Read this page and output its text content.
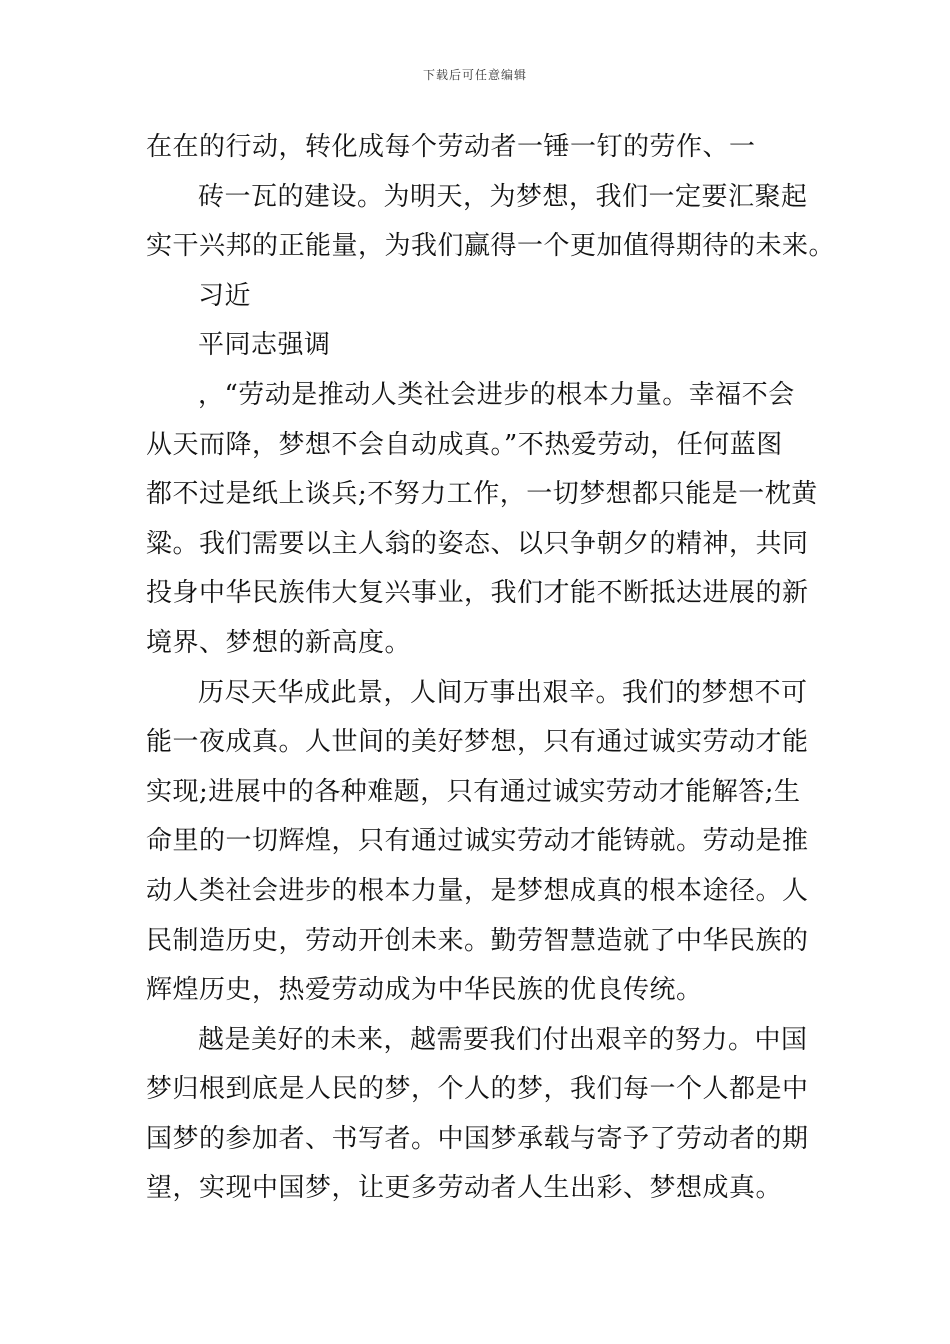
下载后可任意编辑
在在的行动，转化成每个劳动者一锤一钉的劳作、一
砖一瓦的建设。为明天，为梦想，我们一定要汇聚起
实干兴邦的正能量，为我们赢得一个更加值得期待的未来。
习近
平同志强调
，“劳动是推动人类社会进步的根本力量。幸福不会
从天而降，梦想不会自动成真。”不热爱劳动，任何蓝图
都不过是纸上谈兵;不努力工作，一切梦想都只能是一枕黄
粱。我们需要以主人翁的姿态、以只争朝夕的精神，共同
投身中华民族伟大复兴事业，我们才能不断抵达进展的新
境界、梦想的新高度。
历尽天华成此景，人间万事出艰辛。我们的梦想不可
能一夜成真。人世间的美好梦想，只有通过诚实劳动才能
实现;进展中的各种难题，只有通过诚实劳动才能解答;生
命里的一切辉煌，只有通过诚实劳动才能铸就。劳动是推
动人类社会进步的根本力量，是梦想成真的根本途径。人
民制造历史，劳动开创未来。勤劳智慧造就了中华民族的
辉煌历史，热爱劳动成为中华民族的优良传统。
越是美好的未来，越需要我们付出艰辛的努力。中国
梦归根到底是人民的梦，个人的梦，我们每一个人都是中
国梦的参加者、书写者。中国梦承载与寄予了劳动者的期
望，实现中国梦，让更多劳动者人生出彩、梦想成真。
